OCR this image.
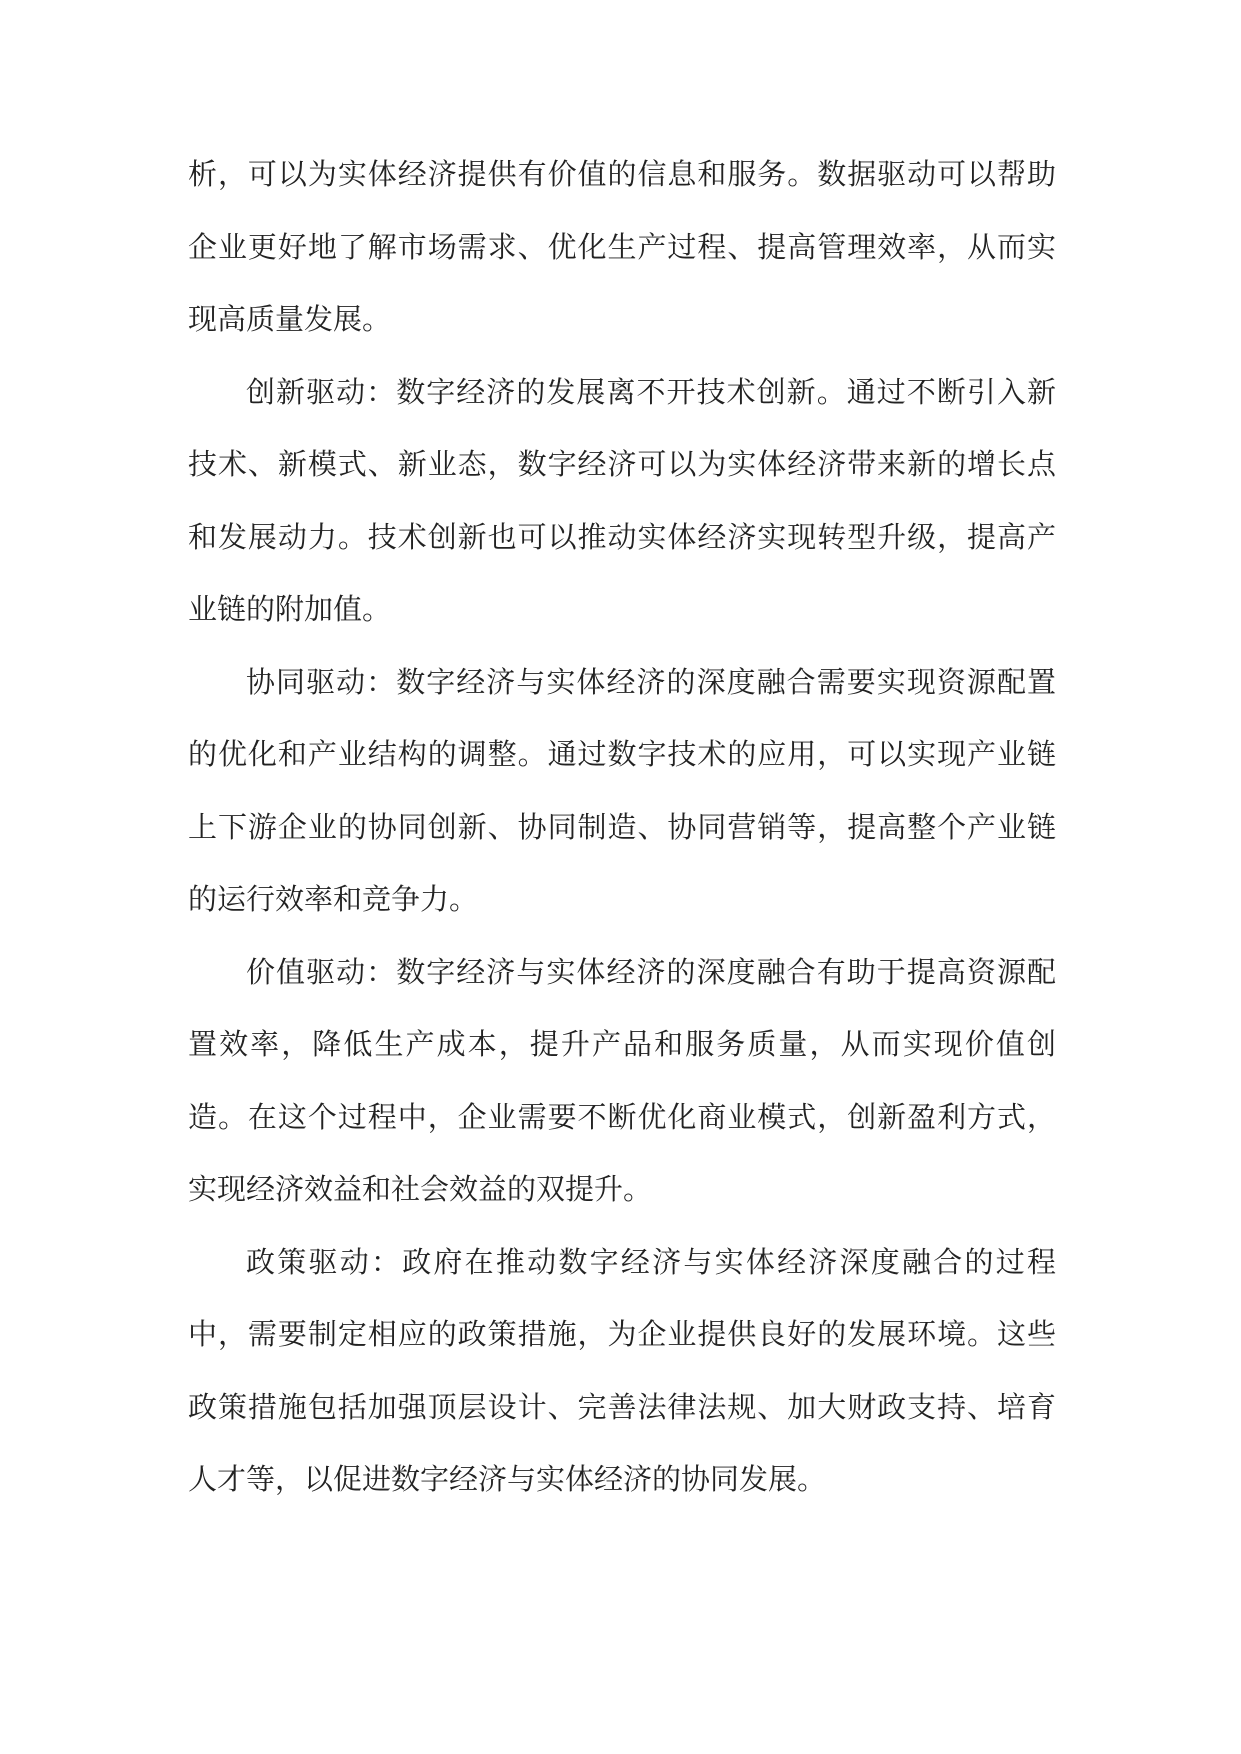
析，可以为实体经济提供有价值的信息和服务。数据驱动可以帮助企业更好地了解市场需求、优化生产过程、提高管理效率，从而实现高质量发展。

创新驱动：数字经济的发展离不开技术创新。通过不断引入新技术、新模式、新业态，数字经济可以为实体经济带来新的增长点和发展动力。技术创新也可以推动实体经济实现转型升级，提高产业链的附加值。

协同驱动：数字经济与实体经济的深度融合需要实现资源配置的优化和产业结构的调整。通过数字技术的应用，可以实现产业链上下游企业的协同创新、协同制造、协同营销等，提高整个产业链的运行效率和竞争力。

价值驱动：数字经济与实体经济的深度融合有助于提高资源配置效率，降低生产成本，提升产品和服务质量，从而实现价值创造。在这个过程中，企业需要不断优化商业模式，创新盈利方式，实现经济效益和社会效益的双提升。

政策驱动：政府在推动数字经济与实体经济深度融合的过程中，需要制定相应的政策措施，为企业提供良好的发展环境。这些政策措施包括加强顶层设计、完善法律法规、加大财政支持、培育人才等，以促进数字经济与实体经济的协同发展。
